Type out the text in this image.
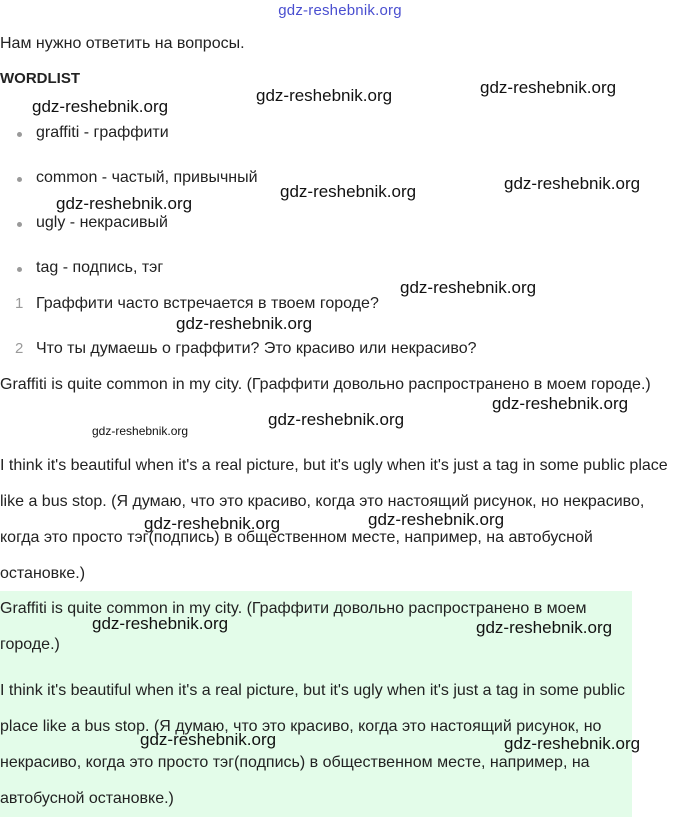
gdz-reshebnik.org
Нам нужно ответить на вопросы.
WORDLIST
graffiti - граффити
common - частый, привычный
ugly - некрасивый
tag - подпись, тэг
1 Граффити часто встречается в твоем городе?
2 Что ты думаешь о граффити? Это красиво или некрасиво?
Graffiti is quite common in my city. (Граффити довольно распространено в моем городе.)
I think it's beautiful when it's a real picture, but it's ugly when it's just a tag in some public place like a bus stop. (Я думаю, что это красиво, когда это настоящий рисунок, но некрасиво, когда это просто тэг(подпись) в общественном месте, например, на автобусной остановке.)
Graffiti is quite common in my city. (Граффити довольно распространено в моем городе.)
I think it's beautiful when it's a real picture, but it's ugly when it's just a tag in some public place like a bus stop. (Я думаю, что это красиво, когда это настоящий рисунок, но некрасиво, когда это просто тэг(подпись) в общественном месте, например, на автобусной остановке.)
gdz-reshebnik.org
gdz-reshebnik.org	gdz-reshebnik.org
gdz-reshebnik.org	gdz-reshebnik.org
gdz-reshebnik.org
gdz-reshebnik.org
gdz-reshebnik.org
gdz-reshebnik.org
gdz-reshebnik.org
gdz-reshebnik.org
gdz-reshebnik.org	gdz-reshebnik.org
gdz-reshebnik.org	gdz-reshebnik.org
gdz-reshebnik.org	gdz-reshebnik.org
